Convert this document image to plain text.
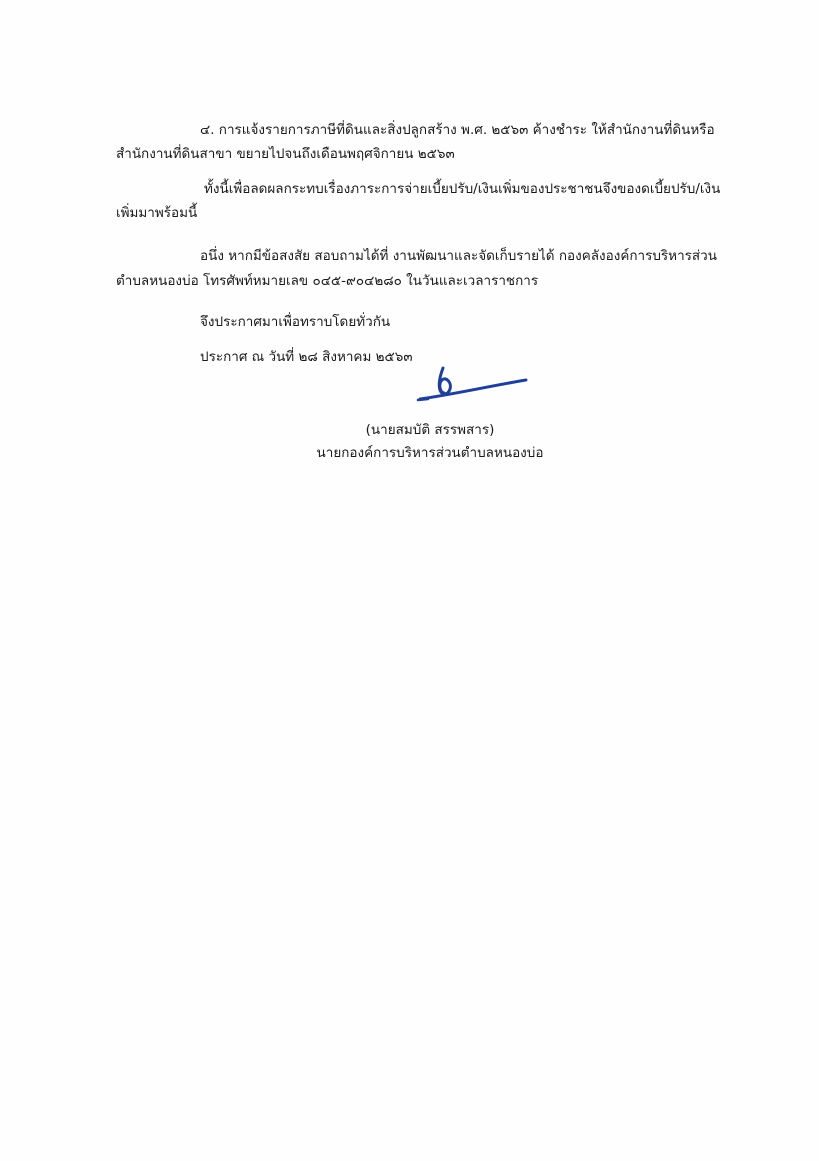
๔. การแจ้งรายการภาษีที่ดินและสิ่งปลูกสร้าง พ.ศ. ๒๕๖๓ ค้างชำระ ให้สำนักงานที่ดินหรือ
สำนักงานที่ดินสาขา ขยายไปจนถึงเดือนพฤศจิกายน ๒๕๖๓
ทั้งนี้เพื่อลดผลกระทบเรื่องภาระการจ่ายเบี้ยปรับ/เงินเพิ่มของประชาชนจึงของดเบี้ยปรับ/เงิน
เพิ่มมาพร้อมนี้
อนึ่ง หากมีข้อสงสัย สอบถามได้ที่ งานพัฒนาและจัดเก็บรายได้ กองคลังองค์การบริหารส่วน
ตำบลหนองบ่อ โทรศัพท์หมายเลข ๐๔๕-๙๐๔๒๘๐ ในวันและเวลาราชการ
จึงประกาศมาเพื่อทราบโดยทั่วกัน
ประกาศ ณ วันที่ ๒๘ สิงหาคม ๒๕๖๓
(นายสมบัติ สรรพสาร)
นายกองค์การบริหารส่วนตำบลหนองบ่อ
